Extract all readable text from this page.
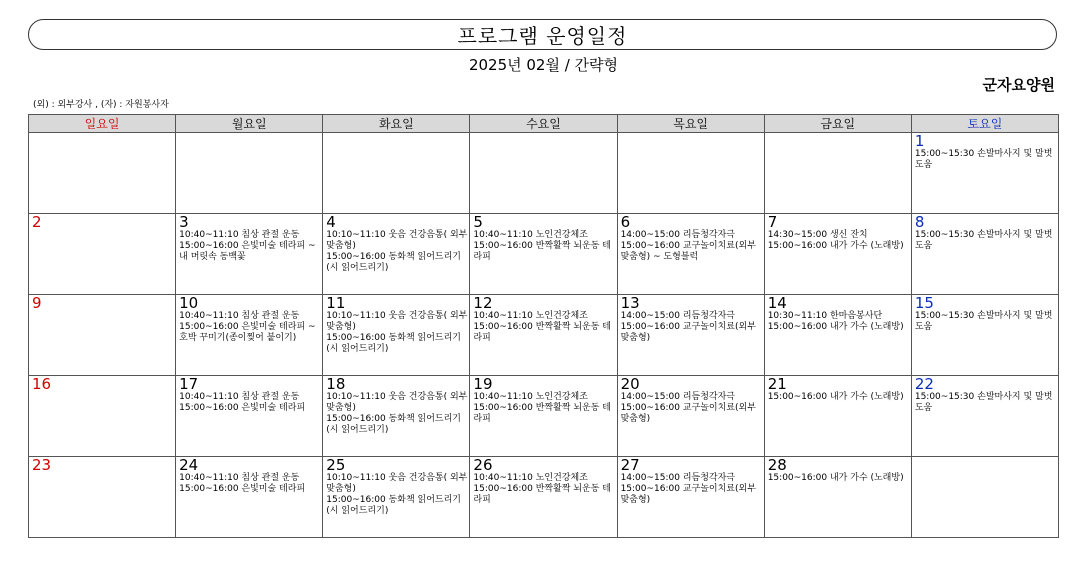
프로그램 운영일정
2025년 02월 / 간략형
군자요양원
(외) : 외부강사 , (자) : 자원봉사자
일요일	월요일	화요일	수요일	목요일	금요일	토요일

						1
15:00~15:30 손발마사지 및 말벗도움

2	3
10:40~11:10 침상 관절 운동
15:00~16:00 은빛미술 테라피 ~내 머릿속 동백꽃	4
10:10~11:10 웃음 건강음통( 외부맞춤형)
15:00~16:00 동화책 읽어드리기(시 읽어드리기)	5
10:40~11:10 노인건강체조
15:00~16:00 반짝활짝 뇌운동 테라피	6
14:00~15:00 리듬청각자극
15:00~16:00 교구놀이치료(외부맞춤형) ~ 도형블럭	7
14:30~15:00 생신 잔치
15:00~16:00 내가 가수 (노래방)	8
15:00~15:30 손발마사지 및 말벗도움

9	10
10:40~11:10 침상 관절 운동
15:00~16:00 은빛미술 테라피 ~ 호박 꾸미기(종이찢어 붙이기)	11
10:10~11:10 웃음 건강음통( 외부맞춤형)
15:00~16:00 동화책 읽어드리기(시 읽어드리기)	12
10:40~11:10 노인건강체조
15:00~16:00 반짝활짝 뇌운동 테라피	13
14:00~15:00 리듬청각자극
15:00~16:00 교구놀이치료(외부맞춤형)	14
10:30~11:10 한마음봉사단
15:00~16:00 내가 가수 (노래방)	15
15:00~15:30 손발마사지 및 말벗도움

16	17
10:40~11:10 침상 관절 운동
15:00~16:00 은빛미술 테라피	18
10:10~11:10 웃음 건강음통( 외부맞춤형)
15:00~16:00 동화책 읽어드리기(시 읽어드리기)	19
10:40~11:10 노인건강체조
15:00~16:00 반짝활짝 뇌운동 테라피	20
14:00~15:00 리듬청각자극
15:00~16:00 교구놀이치료(외부맞춤형)	21
15:00~16:00 내가 가수 (노래방)	22
15:00~15:30 손발마사지 및 말벗도움

23	24
10:40~11:10 침상 관절 운동
15:00~16:00 은빛미술 테라피	25
10:10~11:10 웃음 건강음통( 외부맞춤형)
15:00~16:00 동화책 읽어드리기(시 읽어드리기)	26
10:40~11:10 노인건강체조
15:00~16:00 반짝활짝 뇌운동 테라피	27
14:00~15:00 리듬청각자극
15:00~16:00 교구놀이치료(외부맞춤형)	28
15:00~16:00 내가 가수 (노래방)	
